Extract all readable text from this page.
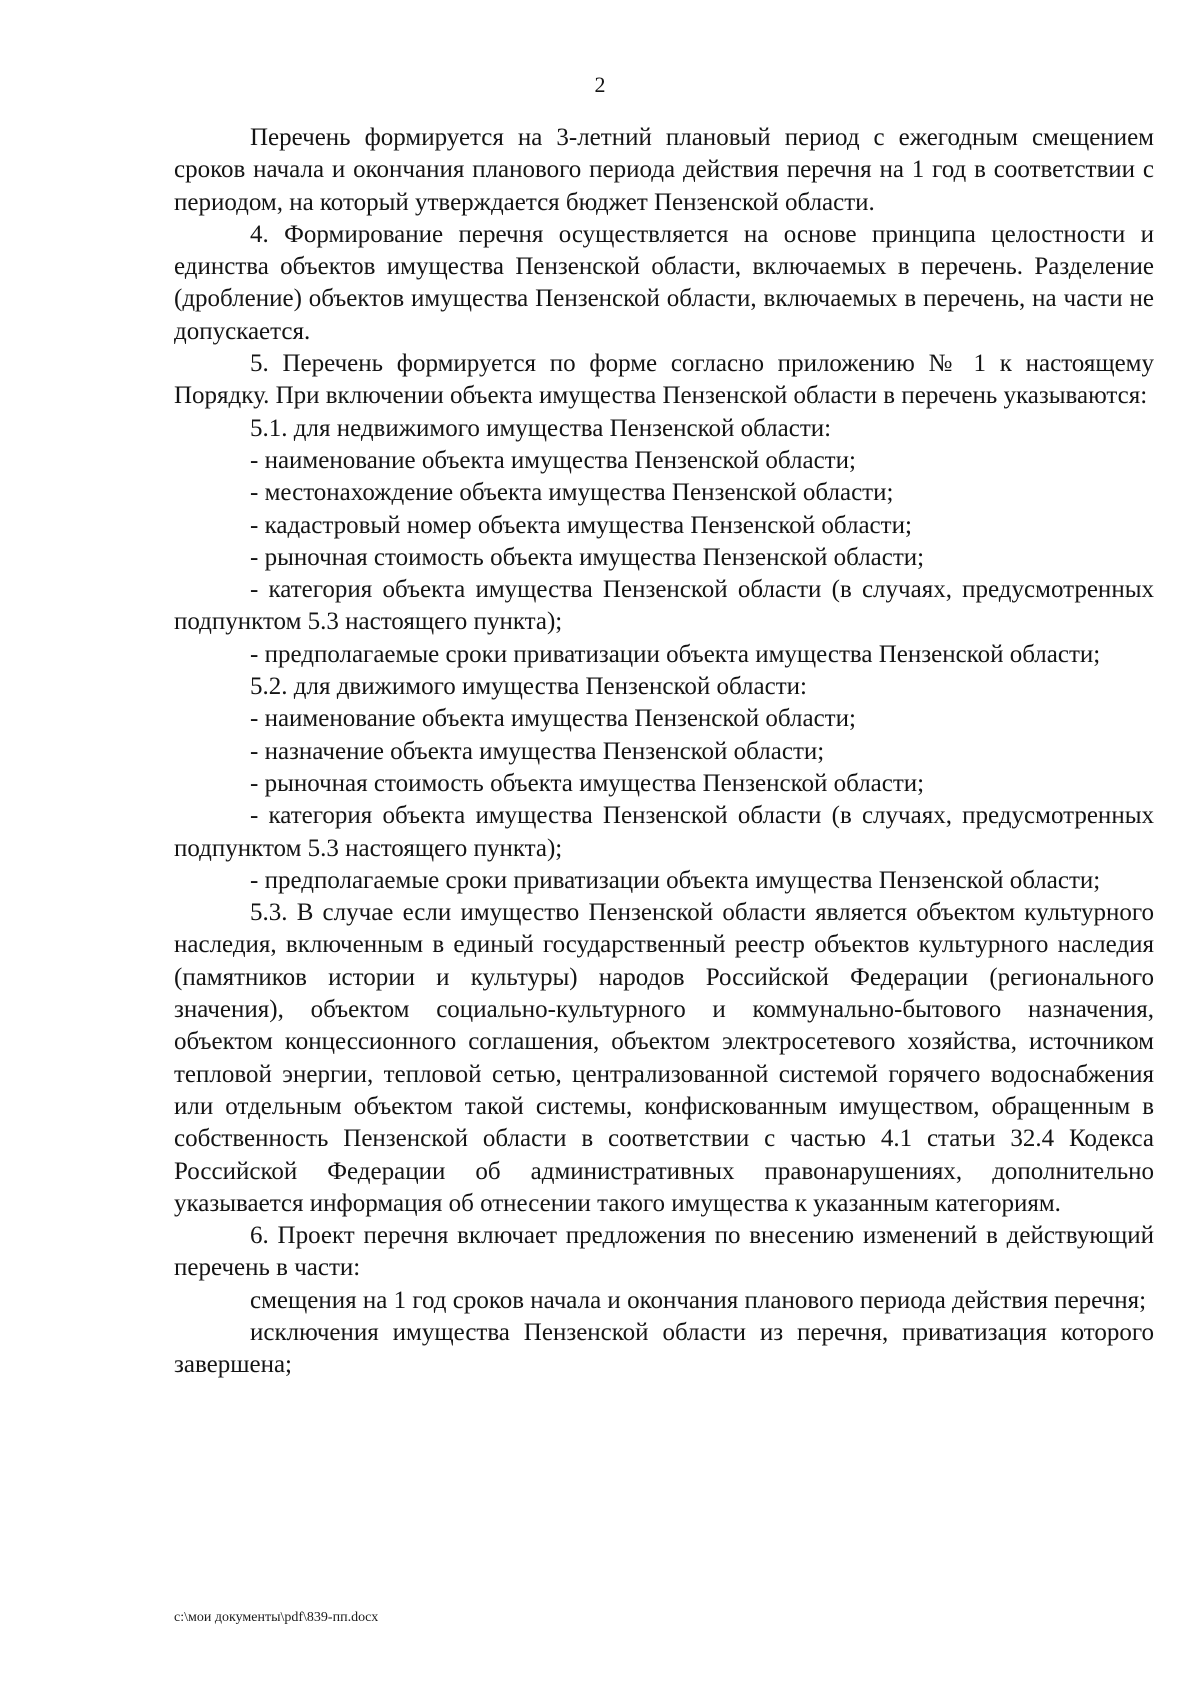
2

Перечень формируется на 3-летний плановый период с ежегодным смещением сроков начала и окончания планового периода действия перечня на 1 год в соответствии с периодом, на который утверждается бюджет Пензенской области.

4. Формирование перечня осуществляется на основе принципа целостности и единства объектов имущества Пензенской области, включаемых в перечень. Разделение (дробление) объектов имущества Пензенской области, включаемых в перечень, на части не допускается.

5. Перечень формируется по форме согласно приложению № 1 к настоящему Порядку. При включении объекта имущества Пензенской области в перечень указываются:

5.1. для недвижимого имущества Пензенской области:

- наименование объекта имущества Пензенской области;

- местонахождение объекта имущества Пензенской области;

- кадастровый номер объекта имущества Пензенской области;

- рыночная стоимость объекта имущества Пензенской области;

- категория объекта имущества Пензенской области (в случаях, предусмотренных подпунктом 5.3 настоящего пункта);

- предполагаемые сроки приватизации объекта имущества Пензенской области;

5.2. для движимого имущества Пензенской области:

- наименование объекта имущества Пензенской области;

- назначение объекта имущества Пензенской области;

- рыночная стоимость объекта имущества Пензенской области;

- категория объекта имущества Пензенской области (в случаях, предусмотренных подпунктом 5.3 настоящего пункта);

- предполагаемые сроки приватизации объекта имущества Пензенской области;

5.3. В случае если имущество Пензенской области является объектом культурного наследия, включенным в единый государственный реестр объектов культурного наследия (памятников истории и культуры) народов Российской Федерации (регионального значения), объектом социально-культурного и коммунально-бытового назначения, объектом концессионного соглашения, объектом электросетевого хозяйства, источником тепловой энергии, тепловой сетью, централизованной системой горячего водоснабжения или отдельным объектом такой системы, конфискованным имуществом, обращенным в собственность Пензенской области в соответствии с частью 4.1 статьи 32.4 Кодекса Российской Федерации об административных правонарушениях, дополнительно указывается информация об отнесении такого имущества к указанным категориям.

6. Проект перечня включает предложения по внесению изменений в действующий перечень в части:

смещения на 1 год сроков начала и окончания планового периода действия перечня;

исключения имущества Пензенской области из перечня, приватизация которого завершена;

c:\мои документы\pdf\839-пп.docx
